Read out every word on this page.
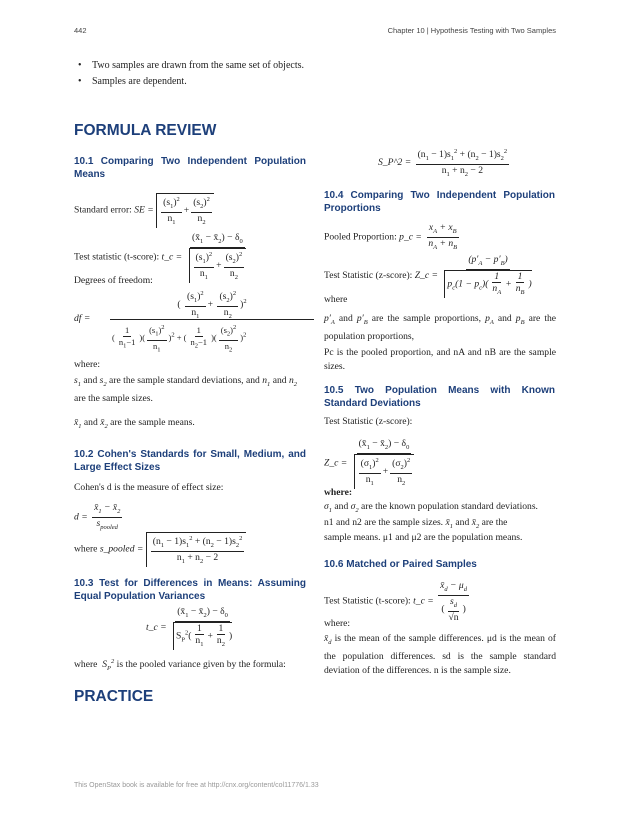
442	Chapter 10 | Hypothesis Testing with Two Samples
• Two samples are drawn from the same set of objects.
• Samples are dependent.
FORMULA REVIEW
10.1 Comparing Two Independent Population Means
Standard error: SE = $\frac{(s_1)^2}{n_1} + \frac{(s_2)^2}{n_2}$
Test statistic (t-score): t_c = $\frac{(x̄_1 - x̄_2) - \delta_0}{\frac{(s_1)^2}{n_1} + \frac{(s_2)^2}{n_2}}$
Degrees of freedom:
df =
( $\frac{(s_1)^2}{n_1} + \frac{(s_2)^2}{n_2} )^2$
( $\frac{1}{n_1-1}$ )( $\frac{(s_1)^2}{n_1} )^2$ + ( $\frac{1}{n_2-1}$ )( $\frac{(s_2)^2}{n_2} )^2$
where:
$s_1$ and $s_2$ are the sample standard deviations, and $n_1$ and $n_2$ are the sample sizes.
$x̄_1$ and $x̄_2$ are the sample means.
10.2 Cohen's Standards for Small, Medium, and Large Effect Sizes
Cohen's d is the measure of effect size:
$d = \frac{x̄_1 - x̄_2}{s_{pooled}}$
where s_pooled = $\frac{(n_1 - 1)s_1^2 + (n_2 - 1)s_2^2}{n_1 + n_2 - 2}$
10.3 Test for Differences in Means: Assuming Equal Population Variances
t_c = $\frac{(x̄_1 - x̄_2) - \delta_0}{S_P^2( \frac{1}{n_1} + \frac{1}{n_2} )}$
where $S_P^2$ is the pooled variance given by the formula:
PRACTICE
S_P^2 = $\frac{(n_1 - 1)s_1^2 + (n_2 - 1)s_2^2}{n_1 + n_2 - 2}$
10.4 Comparing Two Independent Population Proportions
Pooled Proportion: p_c = $\frac{x_A + x_B}{n_A + n_B}$
Test Statistic (z-score): Z_c = $\frac{(p'_A - p'_B)}{p_c(1 - p_c)( \frac{1}{n_A} + \frac{1}{n_B} )}$
where
$p'_A$ and $p'_B$ are the sample proportions, $p_A$ and $p_B$ are the population proportions,
Pc is the pooled proportion, and nA and nB are the sample sizes.
10.5 Two Population Means with Known Standard Deviations
Test Statistic (z-score):
Z_c = $\frac{(x̄_1 - x̄_2) - \delta_0}{\frac{(\sigma_1)^2}{n_1} + \frac{(\sigma_2)^2}{n_2}}$
where:
$\sigma_1$ and $\sigma_2$ are the known population standard deviations.
n1 and n2 are the sample sizes. $x̄_1$ and $x̄_2$ are the
sample means. μ1 and μ2 are the population means.
10.6 Matched or Paired Samples
Test Statistic (t-score): t_c = $\frac{x̄_d - \mu_d}{( \frac{s_d}{√n} )}$
where:
$x̄_d$ is the mean of the sample differences. μd is the mean of the population differences. sd is the sample standard deviation of the differences. n is the sample size.
This OpenStax book is available for free at http://cnx.org/content/col11776/1.33
